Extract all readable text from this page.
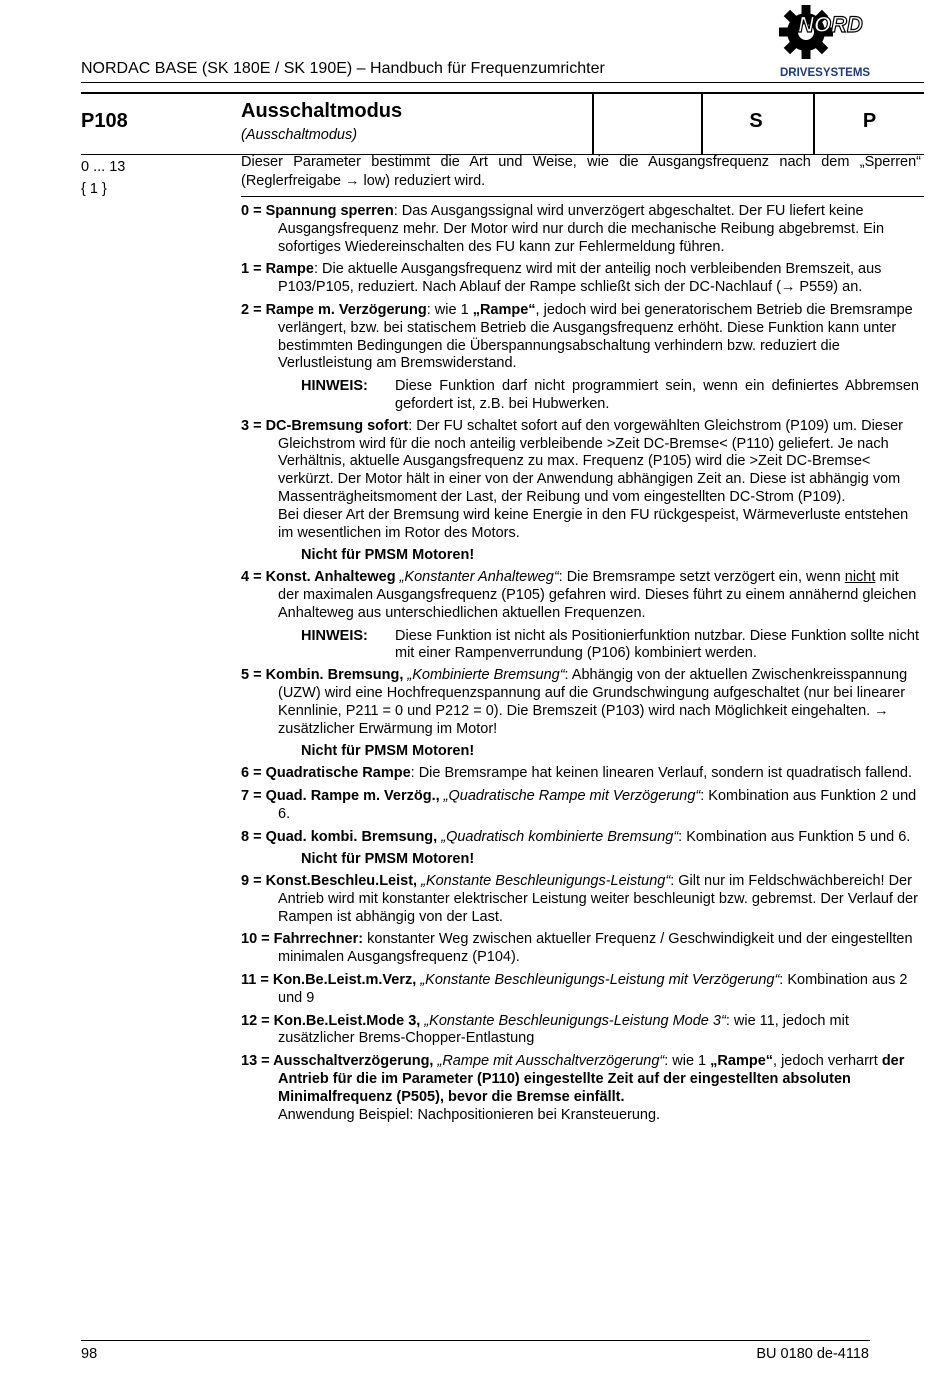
NORDAC BASE (SK 180E / SK 190E) – Handbuch für Frequenzumrichter
NORD
DRIVESYSTEMS
P108	Ausschaltmodus
(Ausschaltmodus)
S	P
0 ... 13
{ 1 }
Dieser Parameter bestimmt die Art und Weise, wie die Ausgangsfrequenz nach dem „Sperren“ (Reglerfreigabe → low) reduziert wird.
0 = Spannung sperren: Das Ausgangssignal wird unverzögert abgeschaltet. Der FU liefert keine Ausgangsfrequenz mehr. Der Motor wird nur durch die mechanische Reibung abgebremst. Ein sofortiges Wiedereinschalten des FU kann zur Fehlermeldung führen.
1 = Rampe: Die aktuelle Ausgangsfrequenz wird mit der anteilig noch verbleibenden Bremszeit, aus P103/P105, reduziert. Nach Ablauf der Rampe schließt sich der DC-Nachlauf (→ P559) an.
2 = Rampe m. Verzögerung: wie 1 „Rampe“, jedoch wird bei generatorischem Betrieb die Bremsrampe verlängert, bzw. bei statischem Betrieb die Ausgangsfrequenz erhöht. Diese Funktion kann unter bestimmten Bedingungen die Überspannungsabschaltung verhindern bzw. reduziert die Verlustleistung am Bremswiderstand.
HINWEIS:	Diese Funktion darf nicht programmiert sein, wenn ein definiertes Abbremsen gefordert ist, z.B. bei Hubwerken.
3 = DC-Bremsung sofort: Der FU schaltet sofort auf den vorgewählten Gleichstrom (P109) um. Dieser Gleichstrom wird für die noch anteilig verbleibende >Zeit DC-Bremse< (P110) geliefert. Je nach Verhältnis, aktuelle Ausgangsfrequenz zu max. Frequenz (P105) wird die >Zeit DC-Bremse< verkürzt. Der Motor hält in einer von der Anwendung abhängigen Zeit an. Diese ist abhängig vom Massenträgheitsmoment der Last, der Reibung und vom eingestellten DC-Strom (P109).
Bei dieser Art der Bremsung wird keine Energie in den FU rückgespeist, Wärmeverluste entstehen im wesentlichen im Rotor des Motors.
Nicht für PMSM Motoren!
4 = Konst. Anhalteweg „Konstanter Anhalteweg“: Die Bremsrampe setzt verzögert ein, wenn nicht mit der maximalen Ausgangsfrequenz (P105) gefahren wird. Dieses führt zu einem annähernd gleichen Anhalteweg aus unterschiedlichen aktuellen Frequenzen.
HINWEIS:	Diese Funktion ist nicht als Positionierfunktion nutzbar. Diese Funktion sollte nicht mit einer Rampenverrundung (P106) kombiniert werden.
5 = Kombin. Bremsung, „Kombinierte Bremsung“: Abhängig von der aktuellen Zwischenkreisspannung (UZW) wird eine Hochfrequenzspannung auf die Grundschwingung aufgeschaltet (nur bei linearer Kennlinie, P211 = 0 und P212 = 0). Die Bremszeit (P103) wird nach Möglichkeit eingehalten. → zusätzlicher Erwärmung im Motor!
Nicht für PMSM Motoren!
6 = Quadratische Rampe: Die Bremsrampe hat keinen linearen Verlauf, sondern ist quadratisch fallend.
7 = Quad. Rampe m. Verzög., „Quadratische Rampe mit Verzögerung“: Kombination aus Funktion 2 und 6.
8 = Quad. kombi. Bremsung, „Quadratisch kombinierte Bremsung“: Kombination aus Funktion 5 und 6.
Nicht für PMSM Motoren!
9 = Konst.Beschleu.Leist, „Konstante Beschleunigungs-Leistung“: Gilt nur im Feldschwächbereich! Der Antrieb wird mit konstanter elektrischer Leistung weiter beschleunigt bzw. gebremst. Der Verlauf der Rampen ist abhängig von der Last.
10 = Fahrrechner: konstanter Weg zwischen aktueller Frequenz / Geschwindigkeit und der eingestellten minimalen Ausgangsfrequenz (P104).
11 = Kon.Be.Leist.m.Verz, „Konstante Beschleunigungs-Leistung mit Verzögerung“: Kombination aus 2 und 9
12 = Kon.Be.Leist.Mode 3, „Konstante Beschleunigungs-Leistung Mode 3“: wie 11, jedoch mit zusätzlicher Brems-Chopper-Entlastung
13 = Ausschaltverzögerung, „Rampe mit Ausschaltverzögerung“: wie 1 „Rampe“, jedoch verharrt der Antrieb für die im Parameter (P110) eingestellte Zeit auf der eingestellten absoluten Minimalfrequenz (P505), bevor die Bremse einfällt.
Anwendung Beispiel: Nachpositionieren bei Kransteuerung.
98	BU 0180 de-4118
